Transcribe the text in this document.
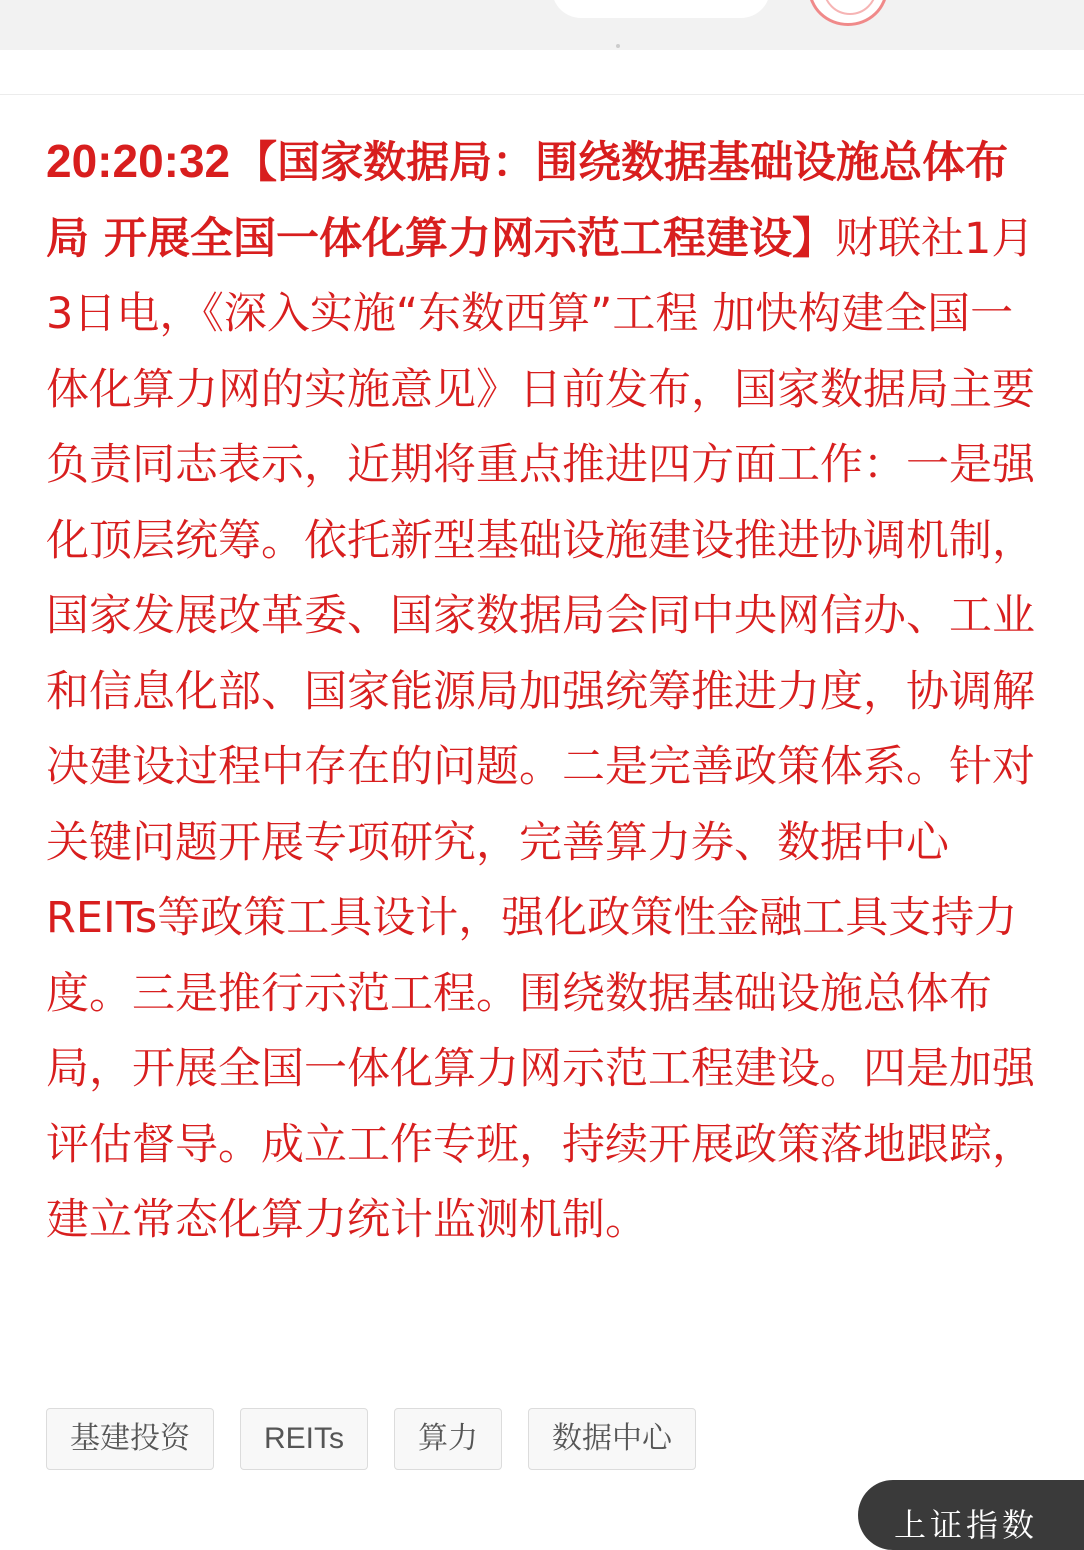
20:20:32【国家数据局：围绕数据基础设施总体布局 开展全国一体化算力网示范工程建设】财联社1月3日电，《深入实施“东数西算”工程 加快构建全国一体化算力网的实施意见》日前发布，国家数据局主要负责同志表示，近期将重点推进四方面工作：一是强化顶层统筹。依托新型基础设施建设推进协调机制，国家发展改革委、国家数据局会同中央网信办、工业和信息化部、国家能源局加强统筹推进力度，协调解决建设过程中存在的问题。二是完善政策体系。针对关键问题开展专项研究，完善算力券、数据中心REITs等政策工具设计，强化政策性金融工具支持力度。三是推行示范工程。围绕数据基础设施总体布局，开展全国一体化算力网示范工程建设。四是加强评估督导。成立工作专班，持续开展政策落地跟踪，建立常态化算力统计监测机制。

基建投资	REITs	算力	数据中心
上证指数
